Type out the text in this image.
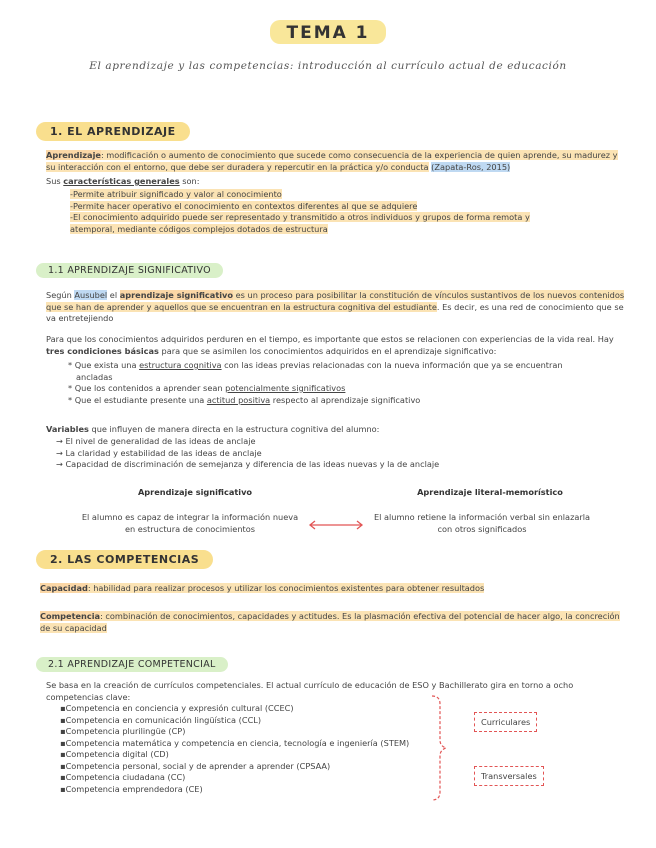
TEMA 1
El aprendizaje y las competencias: introducción al currículo actual de educación
1. EL APRENDIZAJE
Aprendizaje: modificación o aumento de conocimiento que sucede como consecuencia de la experiencia de quien aprende, su madurez y su interacción con el entorno, que debe ser duradera y repercutir en la práctica y/o conducta (Zapata-Ros, 2015)
Sus características generales son:
-Permite atribuir significado y valor al conocimiento
-Permite hacer operativo el conocimiento en contextos diferentes al que se adquiere
-El conocimiento adquirido puede ser representado y transmitido a otros individuos y grupos de forma remota y
atemporal, mediante códigos complejos dotados de estructura
1.1 APRENDIZAJE SIGNIFICATIVO
Según Ausubel el aprendizaje significativo es un proceso para posibilitar la constitución de vínculos sustantivos de los nuevos contenidos que se han de aprender y aquellos que se encuentran en la estructura cognitiva del estudiante. Es decir, es una red de conocimiento que se va entretejiendo
Para que los conocimientos adquiridos perduren en el tiempo, es importante que estos se relacionen con experiencias de la vida real. Hay tres condiciones básicas para que se asimilen los conocimientos adquiridos en el aprendizaje significativo:
* Que exista una estructura cognitiva con las ideas previas relacionadas con la nueva información que ya se encuentran
ancladas
* Que los contenidos a aprender sean potencialmente significativos
* Que el estudiante presente una actitud positiva respecto al aprendizaje significativo
Variables que influyen de manera directa en la estructura cognitiva del alumno:
→ El nivel de generalidad de las ideas de anclaje
→ La claridad y estabilidad de las ideas de anclaje
→ Capacidad de discriminación de semejanza y diferencia de las ideas nuevas y la de anclaje
Aprendizaje significativo
El alumno es capaz de integrar la información nueva en estructura de conocimientos
Aprendizaje literal-memorístico
El alumno retiene la información verbal sin enlazarla con otros significados
2. LAS COMPETENCIAS
Capacidad: habilidad para realizar procesos y utilizar los conocimientos existentes para obtener resultados
Competencia: combinación de conocimientos, capacidades y actitudes. Es la plasmación efectiva del potencial de hacer algo, la concreción de su capacidad
2.1 APRENDIZAJE COMPETENCIAL
Se basa en la creación de currículos competenciales. El actual currículo de educación de ESO y Bachillerato gira en torno a ocho competencias clave:
▪Competencia en conciencia y expresión cultural (CCEC)
▪Competencia en comunicación lingüística (CCL)
▪Competencia plurilingüe (CP)
▪Competencia matemática y competencia en ciencia, tecnología e ingeniería (STEM)
▪Competencia digital (CD)
▪Competencia personal, social y de aprender a aprender (CPSAA)
▪Competencia ciudadana (CC)
▪Competencia emprendedora (CE)
Curriculares
Transversales
